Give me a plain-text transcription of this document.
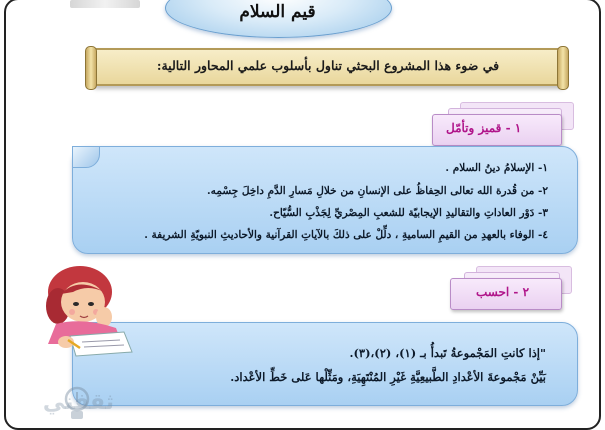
قيم السلام
في ضوء هذا المشروع البحثي تناول بأسلوب علمي المحاور التالية:
١ - قميز وتأمّل
١- الإسلامُ دينُ السلام .
٢- من قُدرة الله تعالى الحِفاظُ على الإنسانِ من خلالِ مَسارِ الدَّمِ داخِلَ جِسْمِه.
٣- دَوْر العاداتِ والتقاليدِ الإيجابيّة للشعبِ المِصْريِّ لِجَذْبِ السُّيّاح.
٤- الوفاء بالعهدِ من القيمِ الساميةِ ، دلِّلْ على ذلكَ بالآياتِ القرآنية والأحاديثِ النبويّةِ الشريفة .
٢ - احسب
"إذا كانتِ المَجْموعةُ تَبدأُ بـ (١)، (٢)،(٣).
بَيِّنْ مَجْموعةَ الأعْدادِ الطَّبيعِيَّةِ غَيْرِ المُنْتَهِيَةِ، ومَثِّلْها عَلى خَطِّ الأعْداد.
ثقفني
